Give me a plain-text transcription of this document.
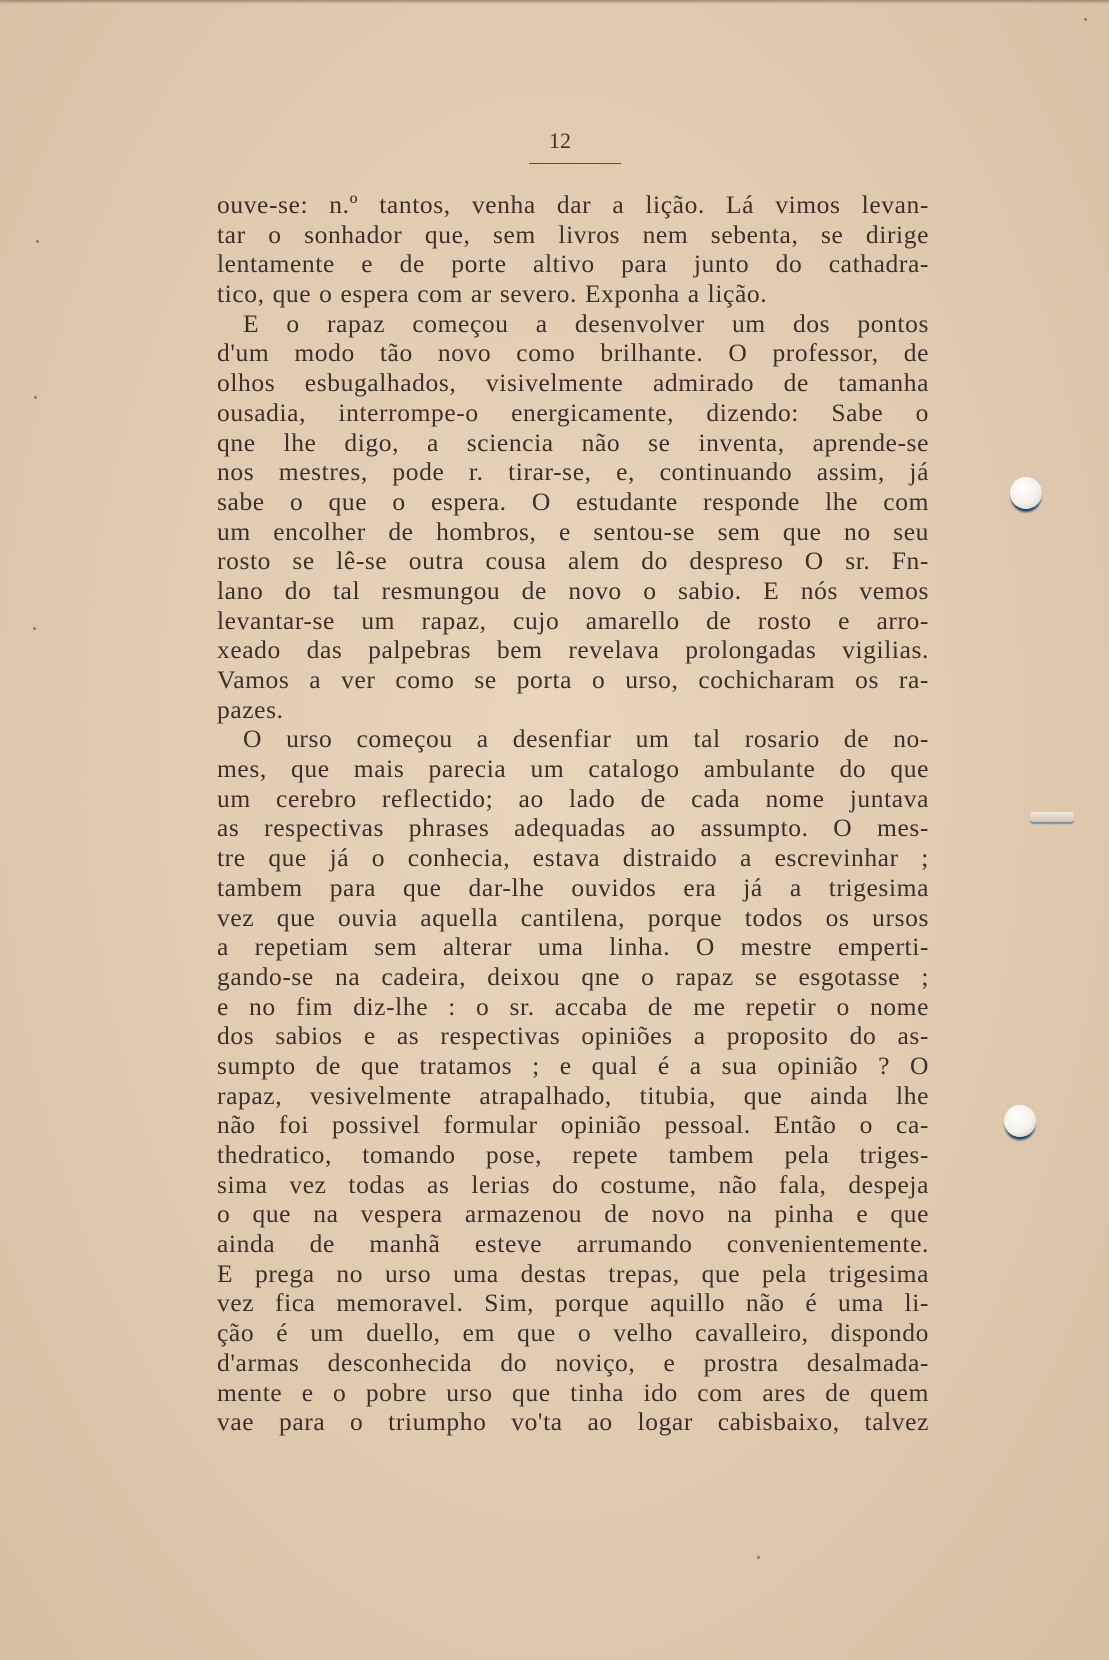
12
ouve-se: n.º tantos, venha dar a lição. Lá vimos levan-
tar o sonhador que, sem livros nem sebenta, se dirige
lentamente e de porte altivo para junto do cathadra-
tico, que o espera com ar severo. Exponha a lição.
E o rapaz começou a desenvolver um dos pontos
d'um modo tão novo como brilhante. O professor, de
olhos esbugalhados, visivelmente admirado de tamanha
ousadia, interrompe-o energicamente, dizendo: Sabe o
qne lhe digo, a sciencia não se inventa, aprende-se
nos mestres, pode r. tirar-se, e, continuando assim, já
sabe o que o espera. O estudante responde lhe com
um encolher de hombros, e sentou-se sem que no seu
rosto se lê-se outra cousa alem do despreso O sr. Fn-
lano do tal resmungou de novo o sabio. E nós vemos
levantar-se um rapaz, cujo amarello de rosto e arro-
xeado das palpebras bem revelava prolongadas vigilias.
Vamos a ver como se porta o urso, cochicharam os ra-
pazes.
O urso começou a desenfiar um tal rosario de no-
mes, que mais parecia um catalogo ambulante do que
um cerebro reflectido; ao lado de cada nome juntava
as respectivas phrases adequadas ao assumpto. O mes-
tre que já o conhecia, estava distraido a escrevinhar ;
tambem para que dar-lhe ouvidos era já a trigesima
vez que ouvia aquella cantilena, porque todos os ursos
a repetiam sem alterar uma linha. O mestre emperti-
gando-se na cadeira, deixou qne o rapaz se esgotasse ;
e no fim diz-lhe : o sr. accaba de me repetir o nome
dos sabios e as respectivas opiniões a proposito do as-
sumpto de que tratamos ; e qual é a sua opinião ? O
rapaz, vesivelmente atrapalhado, titubia, que ainda lhe
não foi possivel formular opinião pessoal. Então o ca-
thedratico, tomando pose, repete tambem pela triges-
sima vez todas as lerias do costume, não fala, despeja
o que na vespera armazenou de novo na pinha e que
ainda de manhã esteve arrumando convenientemente.
E prega no urso uma destas trepas, que pela trigesima
vez fica memoravel. Sim, porque aquillo não é uma li-
ção é um duello, em que o velho cavalleiro, dispondo
d'armas desconhecida do noviço, e prostra desalmada-
mente e o pobre urso que tinha ido com ares de quem
vae para o triumpho vo'ta ao logar cabisbaixo, talvez
